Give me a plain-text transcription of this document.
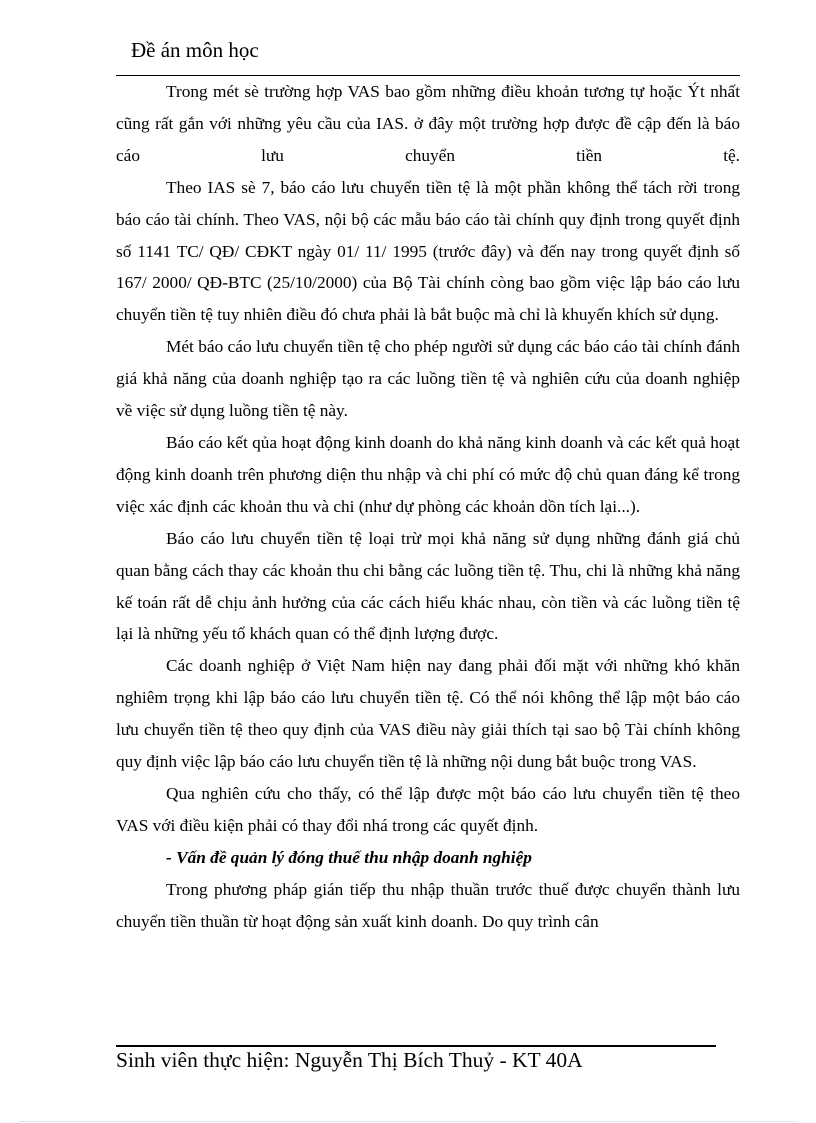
Đề án môn học

Trong mét sè trường hợp VAS bao gồm những điều khoản tương tự hoặc Ýt nhất cũng rất gắn với những yêu cầu của IAS. ở đây một trường hợp được đề cập đến là báo cáo lưu chuyển tiền tệ.

Theo IAS sè 7, báo cáo lưu chuyển tiền tệ là một phần không thể tách rời trong báo cáo tài chính. Theo VAS, nội bộ các mẫu báo cáo tài chính quy định trong quyết định số 1141 TC/ QĐ/ CĐKT ngày 01/ 11/ 1995 (trước đây) và đến nay trong quyết định số 167/ 2000/ QĐ-BTC (25/10/2000) của Bộ Tài chính còng bao gồm việc lập báo cáo lưu chuyển tiền tệ tuy nhiên điều đó chưa phải là bắt buộc mà chỉ là khuyến khích sử dụng.

Mét báo cáo lưu chuyển tiền tệ cho phép người sử dụng các báo cáo tài chính đánh giá khả năng của doanh nghiệp tạo ra các luồng tiền tệ và nghiên cứu của doanh nghiệp về việc sử dụng luồng tiền tệ này.

Báo cáo kết qủa hoạt động kinh doanh do khả năng kinh doanh và các kết quả hoạt động kinh doanh trên phương diện thu nhập và chi phí có mức độ chủ quan đáng kể trong việc xác định các khoản thu và chi (như dự phòng các khoản dồn tích lại...).

Báo cáo lưu chuyển tiền tệ loại trừ mọi khả năng sử dụng những đánh giá chủ quan bằng cách thay các khoản thu chi bằng các luồng tiền tệ. Thu, chi là những khả năng kế toán rất dễ chịu ảnh hưởng của các cách hiểu khác nhau, còn tiền và các luồng tiền tệ lại là những yếu tố khách quan có thể định lượng được.

Các doanh nghiệp ở Việt Nam hiện nay đang phải đối mặt với những khó khăn nghiêm trọng khi lập báo cáo lưu chuyển tiền tệ. Có thể nói không thể lập một báo cáo lưu chuyển tiền tệ theo quy định của VAS điều này giải thích tại sao bộ Tài chính không quy định việc lập báo cáo lưu chuyển tiền tệ là những nội dung bắt buộc trong VAS.

Qua nghiên cứu cho thấy, có thể lập được một báo cáo lưu chuyển tiền tệ theo VAS với điều kiện phải có thay đổi nhá trong các quyết định.

- Vấn đề quản lý đóng thuế thu nhập doanh nghiệp

Trong phương pháp gián tiếp thu nhập thuần trước thuế được chuyển thành lưu chuyển tiền thuần từ hoạt động sản xuất kinh doanh. Do quy trình cân

Sinh viên thực hiện: Nguyễn Thị Bích Thuỷ - KT 40A
